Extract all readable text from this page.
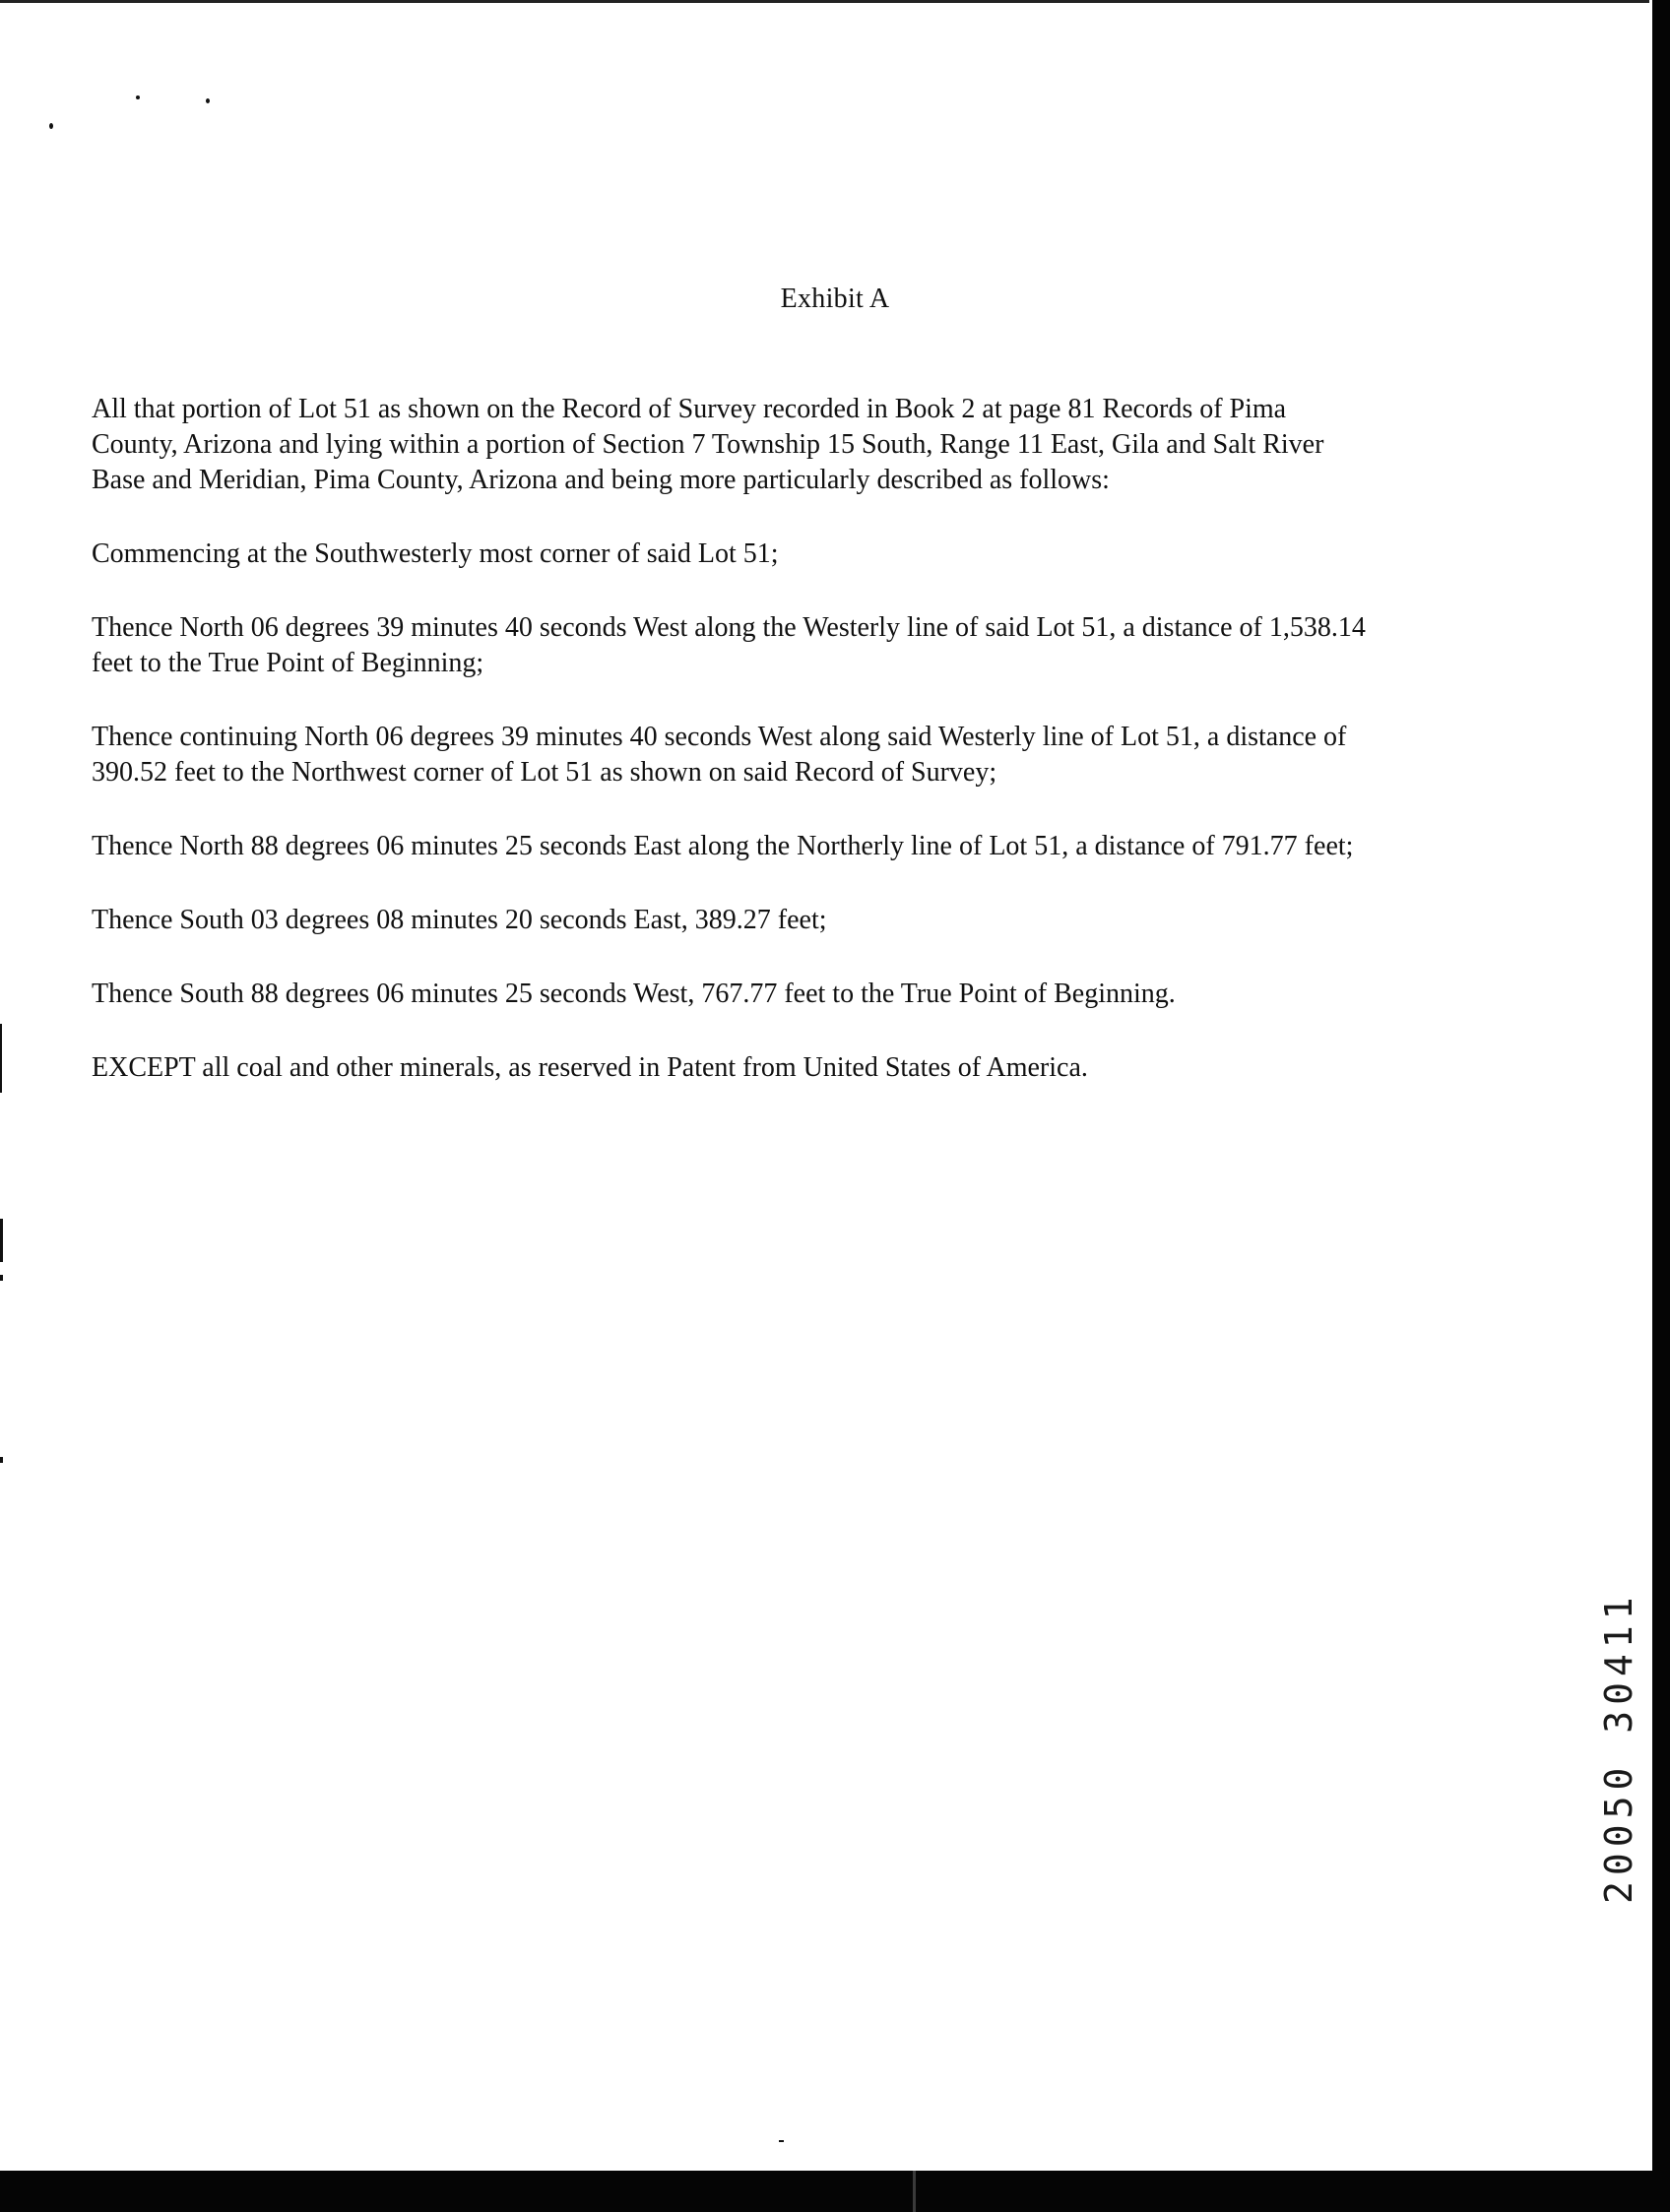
Exhibit A

All that portion of Lot 51 as shown on the Record of Survey recorded in Book 2 at page 81 Records of Pima
County, Arizona and lying within a portion of Section 7 Township 15 South, Range 11 East, Gila and Salt River
Base and Meridian, Pima County, Arizona and being more particularly described as follows:

Commencing at the Southwesterly most corner of said Lot 51;

Thence North 06 degrees 39 minutes 40 seconds West along the Westerly line of said Lot 51, a distance of 1,538.14
feet to the True Point of Beginning;

Thence continuing North 06 degrees 39 minutes 40 seconds West along said Westerly line of Lot 51, a distance of
390.52 feet to the Northwest corner of Lot 51 as shown on said Record of Survey;

Thence North 88 degrees 06 minutes 25 seconds East along the Northerly line of Lot 51, a distance of 791.77 feet;

Thence South 03 degrees 08 minutes 20 seconds East, 389.27 feet;

Thence South 88 degrees 06 minutes 25 seconds West, 767.77 feet to the True Point of Beginning.

EXCEPT all coal and other minerals, as reserved in Patent from United States of America.

20050 30411
